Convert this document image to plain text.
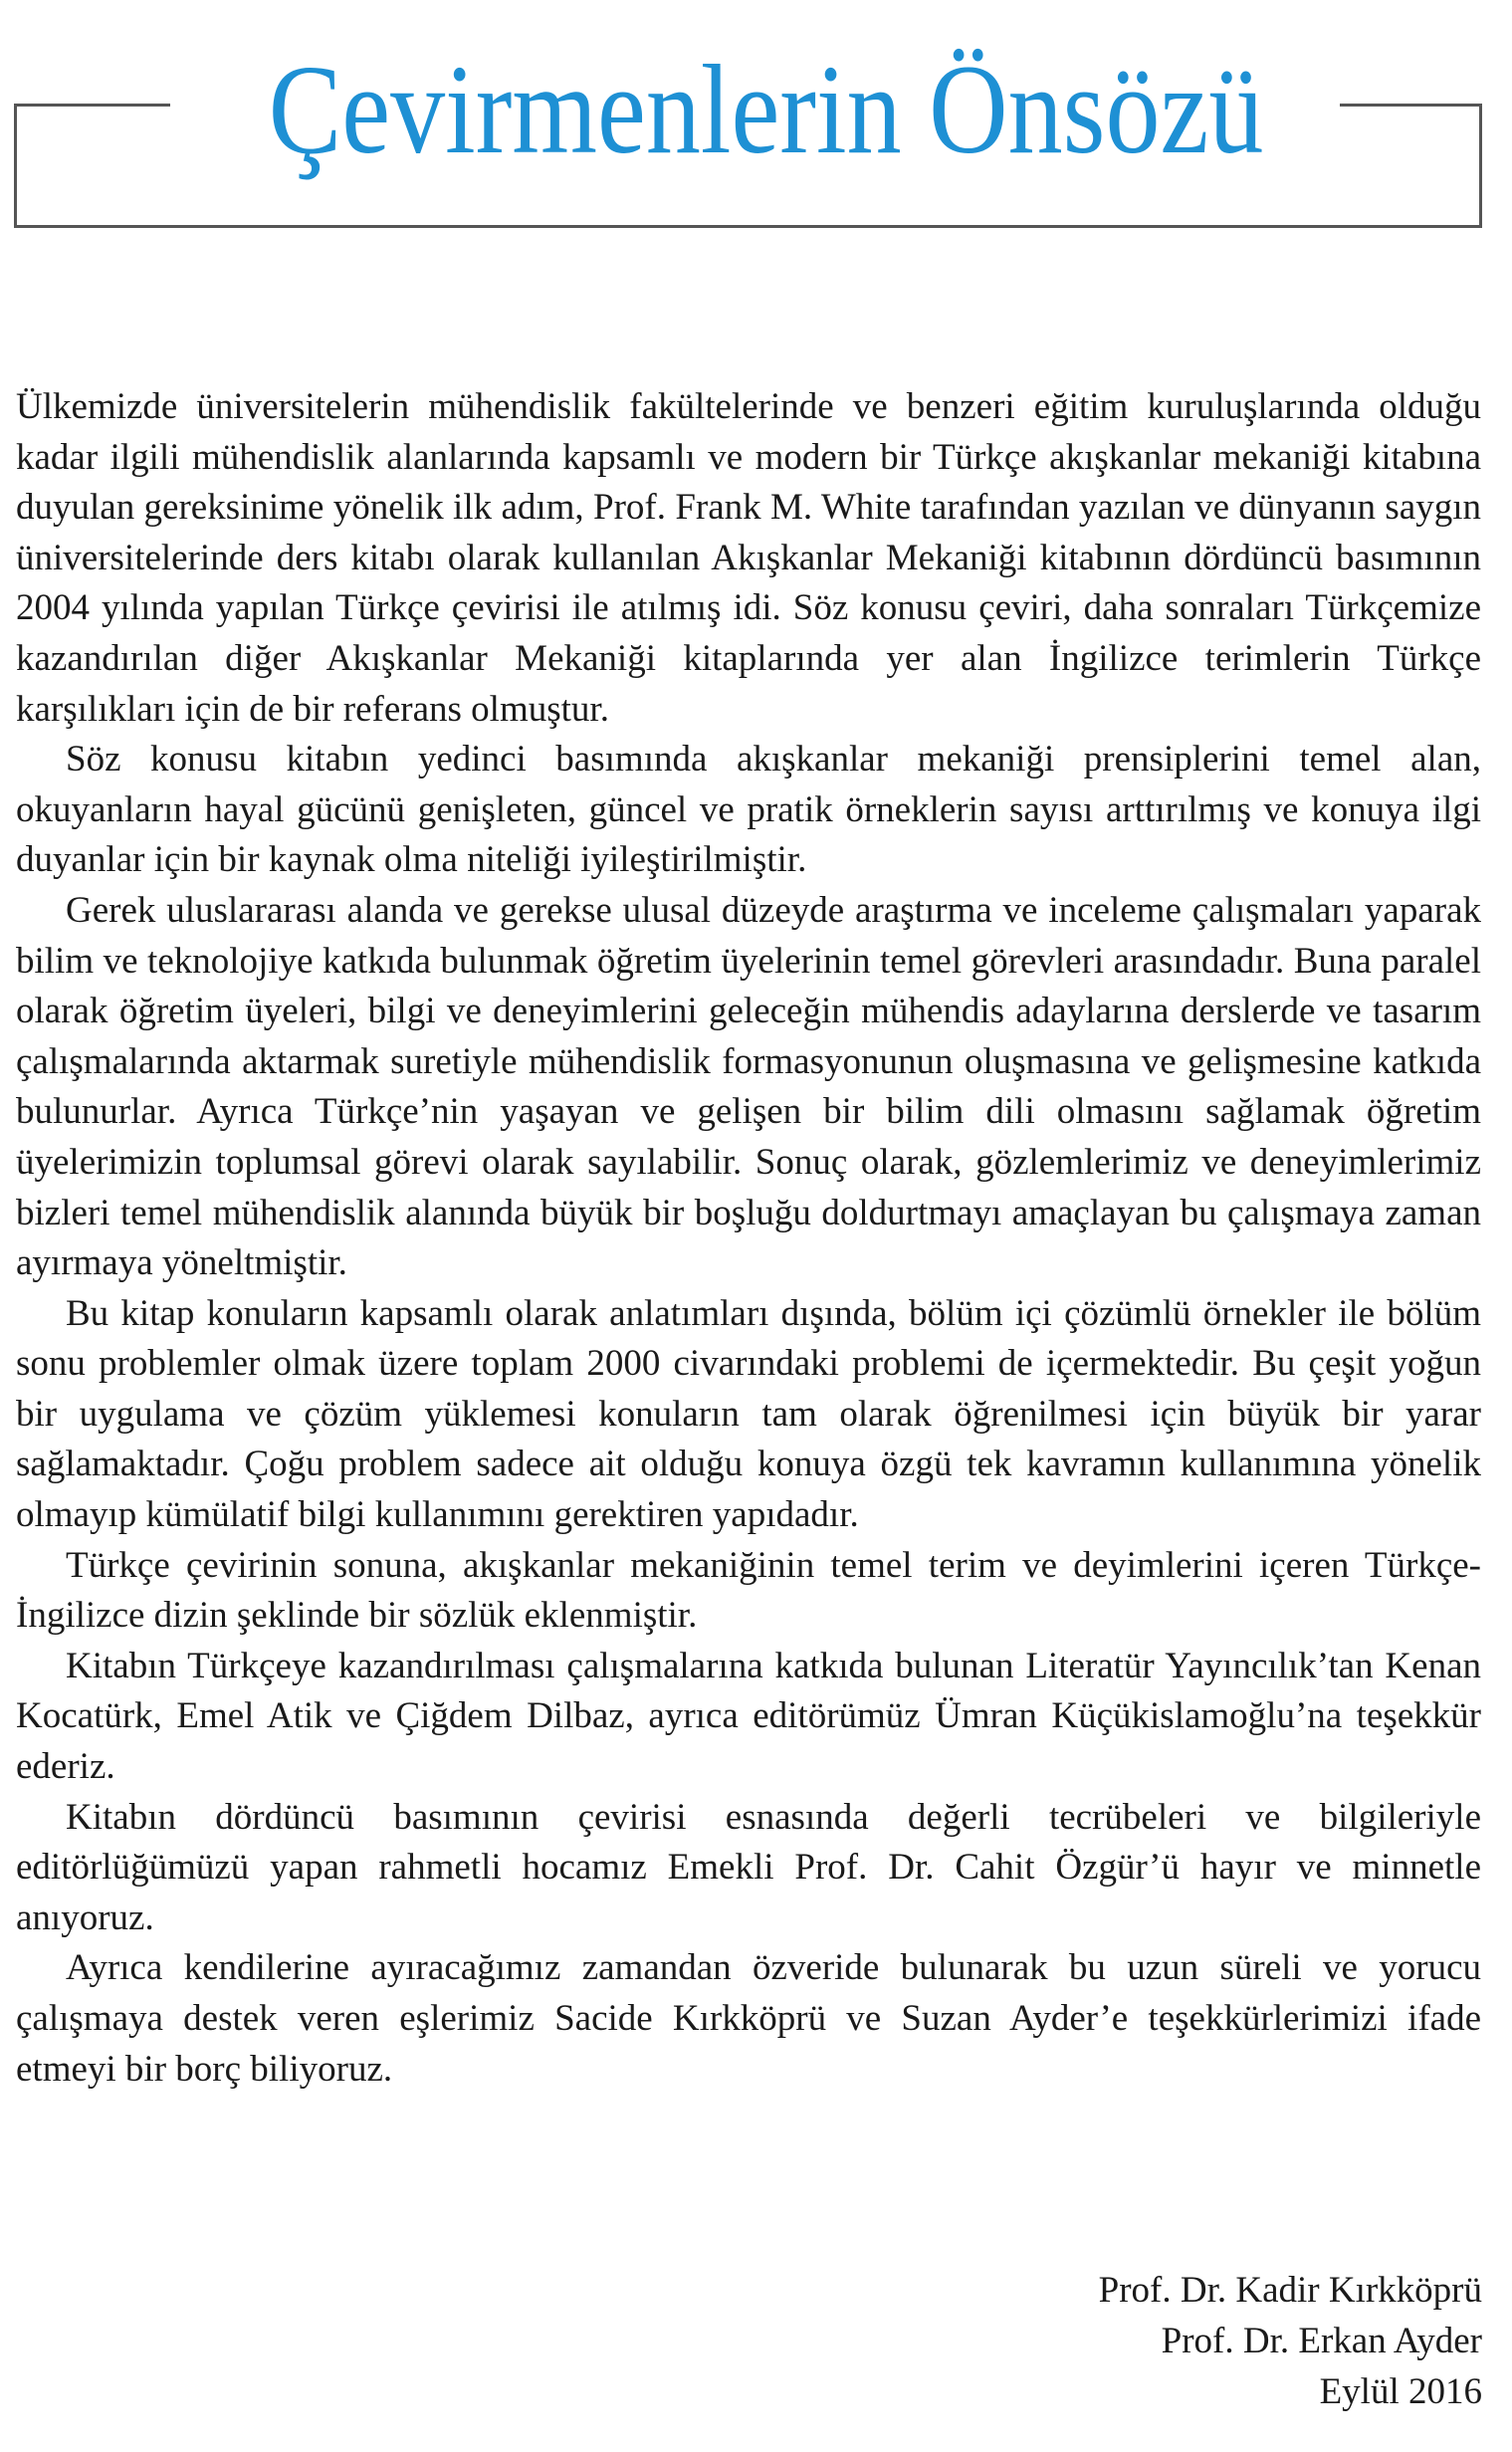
Çevirmenlerin Önsözü

Ülkemizde üniversitelerin mühendislik fakültelerinde ve benzeri eğitim kuruluşlarında olduğu kadar ilgili mühendislik alanlarında kapsamlı ve modern bir Türkçe akışkanlar mekaniği kitabına duyulan gereksinime yönelik ilk adım, Prof. Frank M. White tarafından yazılan ve dünyanın saygın üniversitelerinde ders kitabı olarak kullanılan Akışkanlar Mekaniği kitabının dördüncü basımının 2004 yılında yapılan Türkçe çevirisi ile atılmış idi. Söz konusu çeviri, daha sonraları Türkçemize kazandırılan diğer Akışkanlar Mekaniği kitaplarında yer alan İngilizce terimlerin Türkçe karşılıkları için de bir referans olmuştur.

Söz konusu kitabın yedinci basımında akışkanlar mekaniği prensiplerini temel alan, okuyanların hayal gücünü genişleten, güncel ve pratik örneklerin sayısı arttırılmış ve konuya ilgi duyanlar için bir kaynak olma niteliği iyileştirilmiştir.

Gerek uluslararası alanda ve gerekse ulusal düzeyde araştırma ve inceleme çalışmaları yaparak bilim ve teknolojiye katkıda bulunmak öğretim üyelerinin temel görevleri arasındadır. Buna paralel olarak öğretim üyeleri, bilgi ve deneyimlerini geleceğin mühendis adaylarına derslerde ve tasarım çalışmalarında aktarmak suretiyle mühendislik formasyonunun oluşmasına ve gelişmesine katkıda bulunurlar. Ayrıca Türkçe’nin yaşayan ve gelişen bir bilim dili olmasını sağlamak öğretim üyelerimizin toplumsal görevi olarak sayılabilir. Sonuç olarak, gözlemlerimiz ve deneyimlerimiz bizleri temel mühendislik alanında büyük bir boşluğu doldurtmayı amaçlayan bu çalışmaya zaman ayırmaya yöneltmiştir.

Bu kitap konuların kapsamlı olarak anlatımları dışında, bölüm içi çözümlü örnekler ile bölüm sonu problemler olmak üzere toplam 2000 civarındaki problemi de içermektedir. Bu çeşit yoğun bir uygulama ve çözüm yüklemesi konuların tam olarak öğrenilmesi için büyük bir yarar sağlamaktadır. Çoğu problem sadece ait olduğu konuya özgü tek kavramın kullanımına yönelik olmayıp kümülatif bilgi kullanımını gerektiren yapıdadır.

Türkçe çevirinin sonuna, akışkanlar mekaniğinin temel terim ve deyimlerini içeren Türkçe-İngilizce dizin şeklinde bir sözlük eklenmiştir.

Kitabın Türkçeye kazandırılması çalışmalarına katkıda bulunan Literatür Yayıncılık’tan Kenan Kocatürk, Emel Atik ve Çiğdem Dilbaz, ayrıca editörümüz Ümran Küçükislamoğlu’na teşekkür ederiz.

Kitabın dördüncü basımının çevirisi esnasında değerli tecrübeleri ve bilgileriyle editörlüğümüzü yapan rahmetli hocamız Emekli Prof. Dr. Cahit Özgür’ü hayır ve minnetle anıyoruz.

Ayrıca kendilerine ayıracağımız zamandan özveride bulunarak bu uzun süreli ve yorucu çalışmaya destek veren eşlerimiz Sacide Kırkköprü ve Suzan Ayder’e teşekkürlerimizi ifade etmeyi bir borç biliyoruz.

Prof. Dr. Kadir Kırkköprü
Prof. Dr. Erkan Ayder
Eylül 2016
